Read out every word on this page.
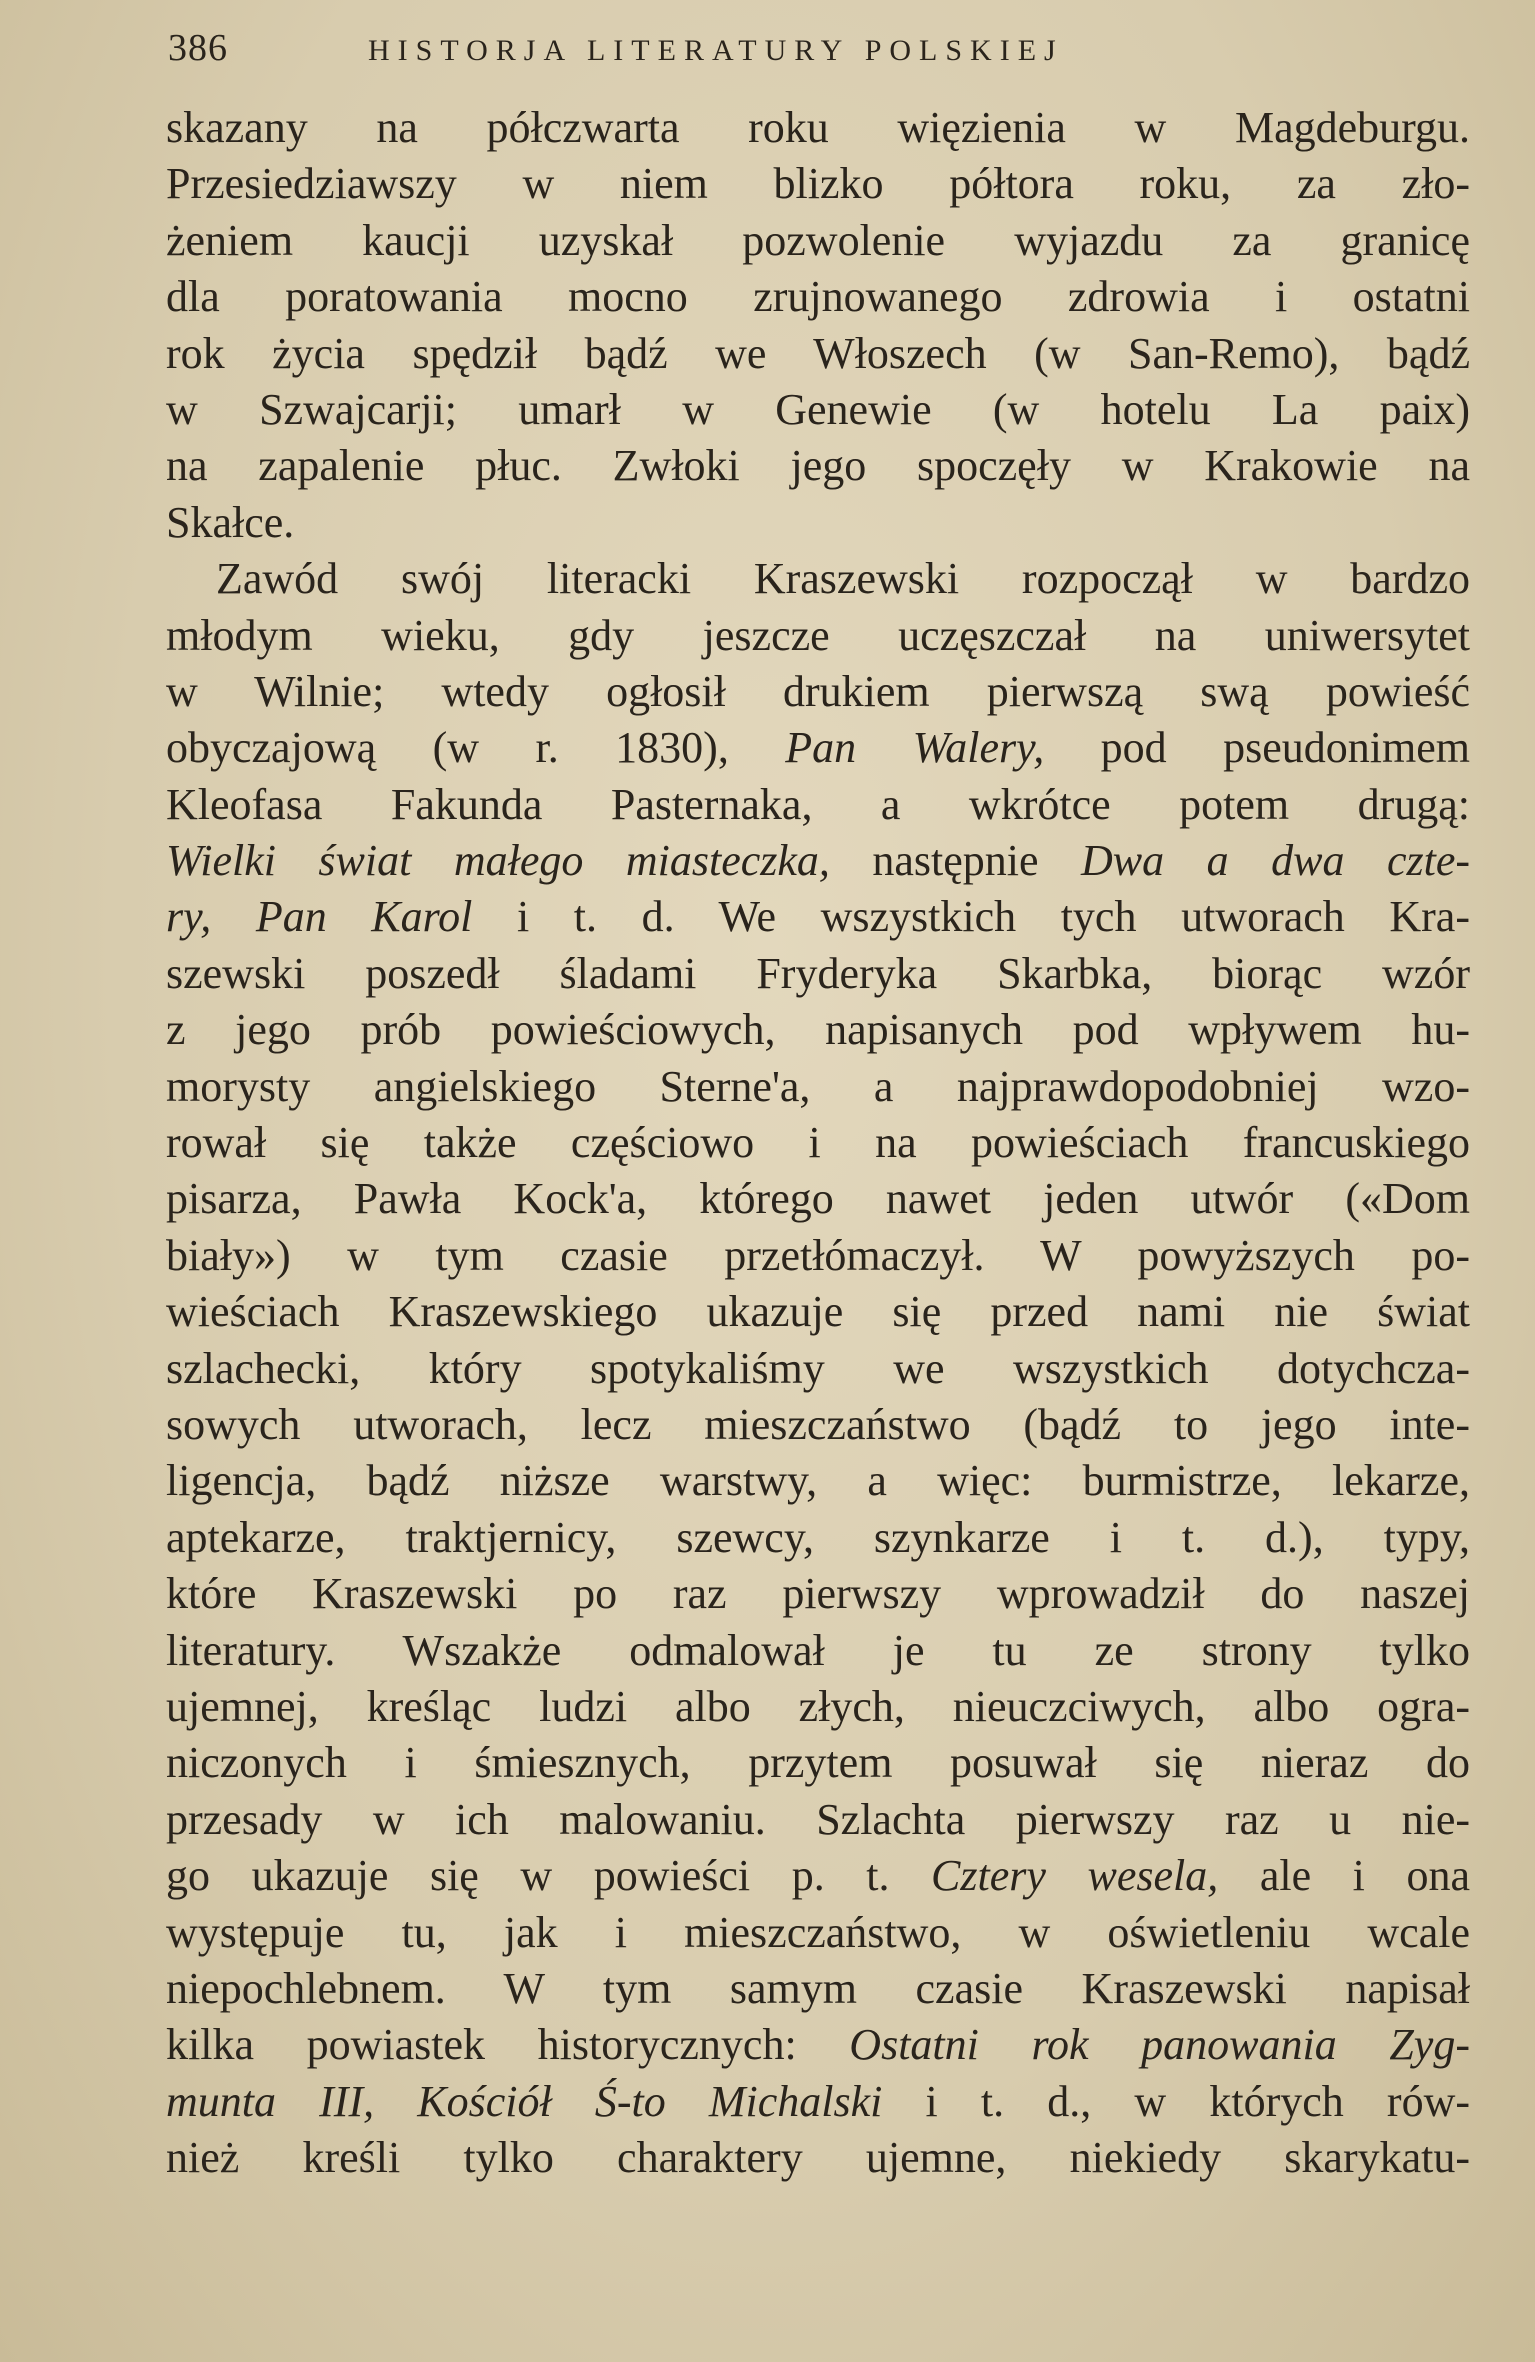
386	HISTORJA LITERATURY POLSKIEJ
skazany na półczwarta roku więzienia w Magdeburgu.
Przesiedziawszy w niem blizko półtora roku, za zło-
żeniem kaucji uzyskał pozwolenie wyjazdu za granicę
dla poratowania mocno zrujnowanego zdrowia i ostatni
rok życia spędził bądź we Włoszech (w San-Remo), bądź
w Szwajcarji; umarł w Genewie (w hotelu La paix)
na zapalenie płuc. Zwłoki jego spoczęły w Krakowie na
Skałce.
Zawód swój literacki Kraszewski rozpoczął w bardzo
młodym wieku, gdy jeszcze uczęszczał na uniwersytet
w Wilnie; wtedy ogłosił drukiem pierwszą swą powieść
obyczajową (w r. 1830), Pan Walery, pod pseudonimem
Kleofasa Fakunda Pasternaka, a wkrótce potem drugą:
Wielki świat małego miasteczka, następnie Dwa a dwa czte-
ry, Pan Karol i t. d. We wszystkich tych utworach Kra-
szewski poszedł śladami Fryderyka Skarbka, biorąc wzór
z jego prób powieściowych, napisanych pod wpływem hu-
morysty angielskiego Sterne'a, a najprawdopodobniej wzo-
rował się także częściowo i na powieściach francuskiego
pisarza, Pawła Kock'a, którego nawet jeden utwór («Dom
biały») w tym czasie przetłómaczył. W powyższych po-
wieściach Kraszewskiego ukazuje się przed nami nie świat
szlachecki, który spotykaliśmy we wszystkich dotychcza-
sowych utworach, lecz mieszczaństwo (bądź to jego inte-
ligencja, bądź niższe warstwy, a więc: burmistrze, lekarze,
aptekarze, traktjernicy, szewcy, szynkarze i t. d.), typy,
które Kraszewski po raz pierwszy wprowadził do naszej
literatury. Wszakże odmalował je tu ze strony tylko
ujemnej, kreśląc ludzi albo złych, nieuczciwych, albo ogra-
niczonych i śmiesznych, przytem posuwał się nieraz do
przesady w ich malowaniu. Szlachta pierwszy raz u nie-
go ukazuje się w powieści p. t. Cztery wesela, ale i ona
występuje tu, jak i mieszczaństwo, w oświetleniu wcale
niepochlebnem. W tym samym czasie Kraszewski napisał
kilka powiastek historycznych: Ostatni rok panowania Zyg-
munta III, Kościół Ś-to Michalski i t. d., w których rów-
nież kreśli tylko charaktery ujemne, niekiedy skarykatu-
